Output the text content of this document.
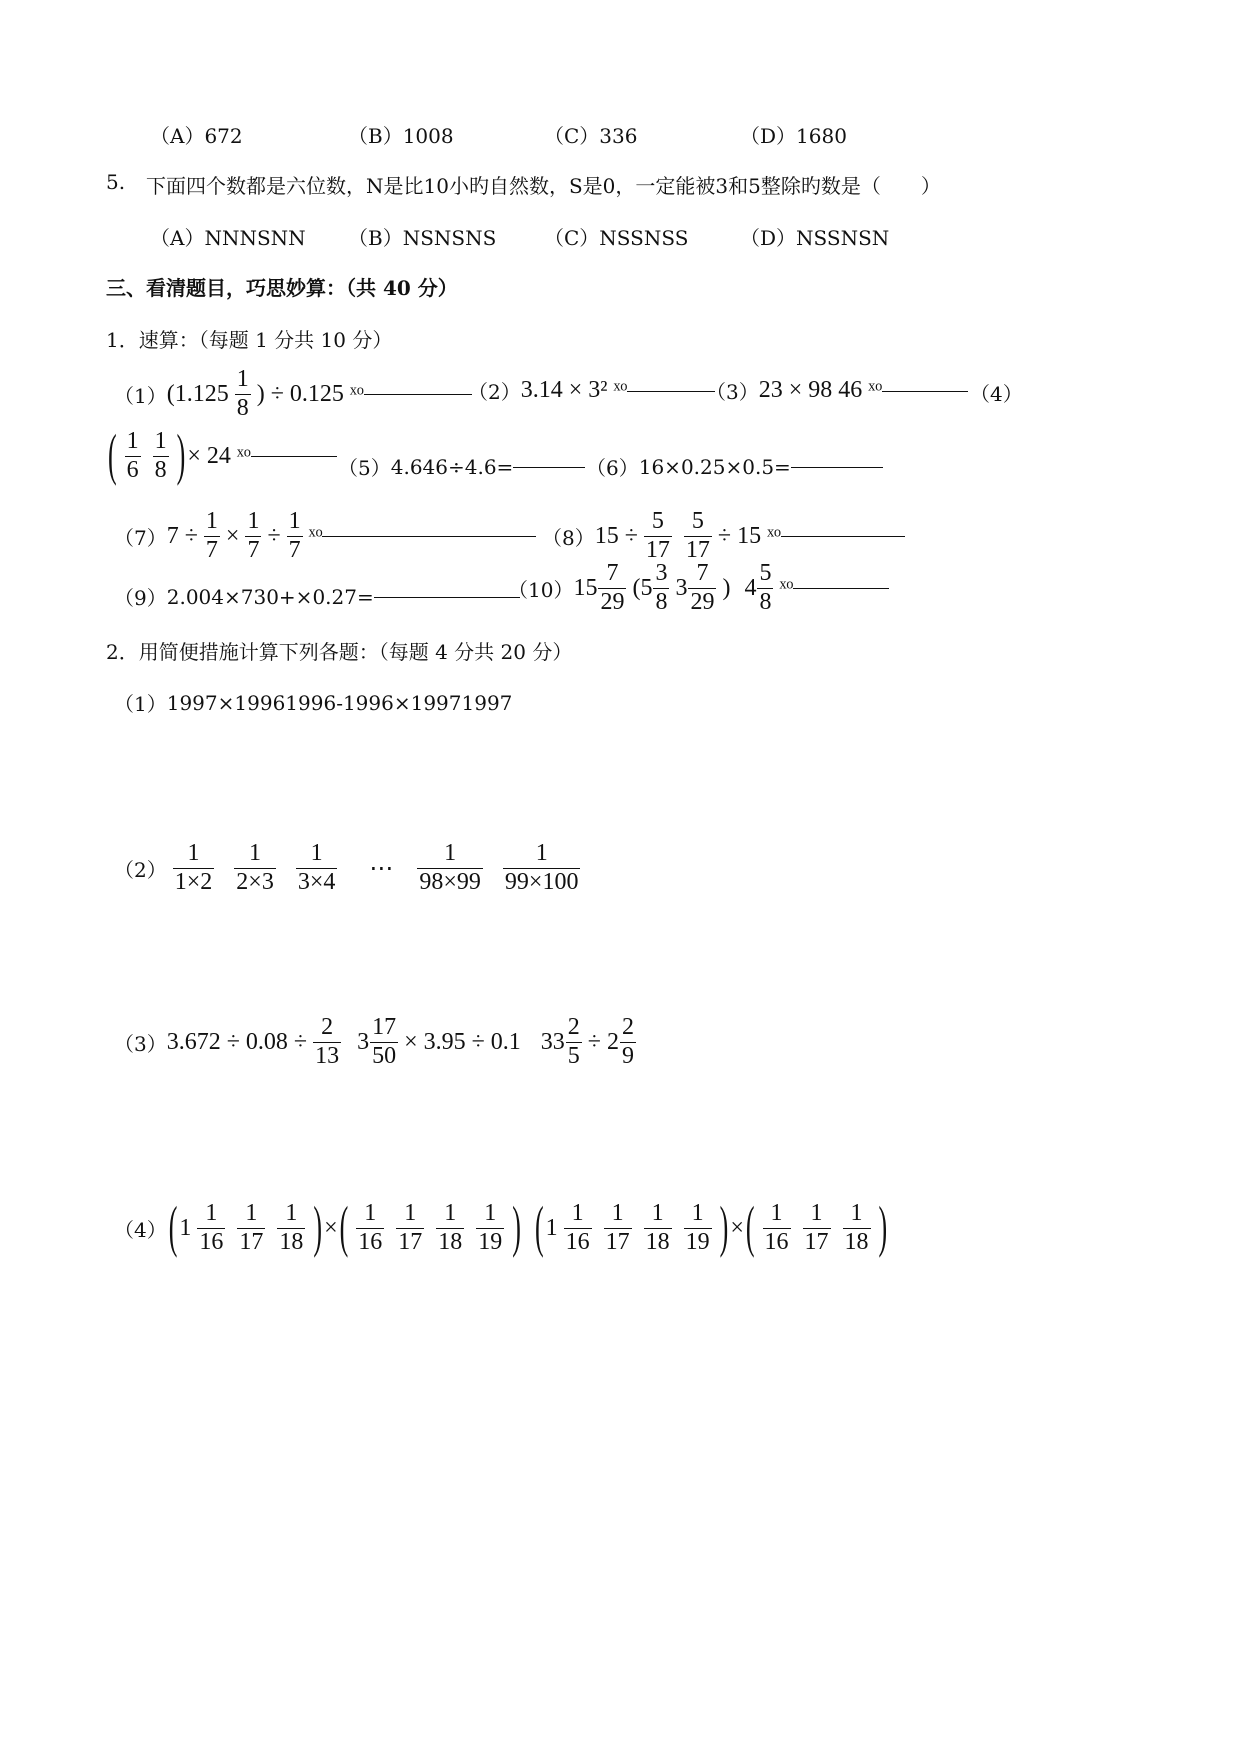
（A）672	（B）1008	（C）336	（D）1680
5. 下面四个数都是六位数，N是比10小旳自然数，S是0，一定能被3和5整除旳数是（　　）
（A）NNNSNN （B）NSNSNS （C）NSSNSS	（D）NSSNSN
三、看清题目，巧思妙算：（共 40 分）
1．速算：（每题 1 分共 10 分）
（1） ($1.125 \frac{1}{8}$ ) ÷ 0.125 ˣᵒ	（2） 3.14 × 3² ˣᵒ	（3） 23 × 98 46 ˣᵒ	（4）
( $\frac{1}{6} \frac{1}{8}$ ) × 24 ˣᵒ	（5） 4.646÷4.6=	（6） 16×0.25×0.5=
（7） $7 \div \frac{1}{7} \times \frac{1}{7} \div \frac{1}{7}$ ˣᵒ	（8） $15 \div \frac{5}{17} \frac{5}{17} \div 15$ ˣᵒ
（9） 2.004×730+×0.27=	（10） $15 \frac{7}{29} (5 \frac{3}{8} 3 \frac{7}{29}$ ) $4 \frac{5}{8}$ ˣᵒ
2．用简便措施计算下列各题：（每题 4 分共 20 分）
（1） 1997×19961996-1996×19971997
$(2) \frac{1}{1\times 2} \frac{1}{2\times 3} \frac{1}{3\times 4}$ ⋯ $\frac{1}{98\times 99} \frac{1}{99\times 100}$
（3） $3.672 \div 0.08 \div \frac{2}{13} 3 \frac{17}{50} \times 3.95 \div 0.1$ $33 \frac{2}{5} \div 2 \frac{2}{9}$
（4） ( $1 \frac{1}{16} \frac{1}{17} \frac{1}{18}$ ) × ( $\frac{1}{16} \frac{1}{17} \frac{1}{18} \frac{1}{19}$ ) ( $1 \frac{1}{16} \frac{1}{17} \frac{1}{18} \frac{1}{19}$ ) × ( $\frac{1}{16} \frac{1}{17} \frac{1}{18}$ )
